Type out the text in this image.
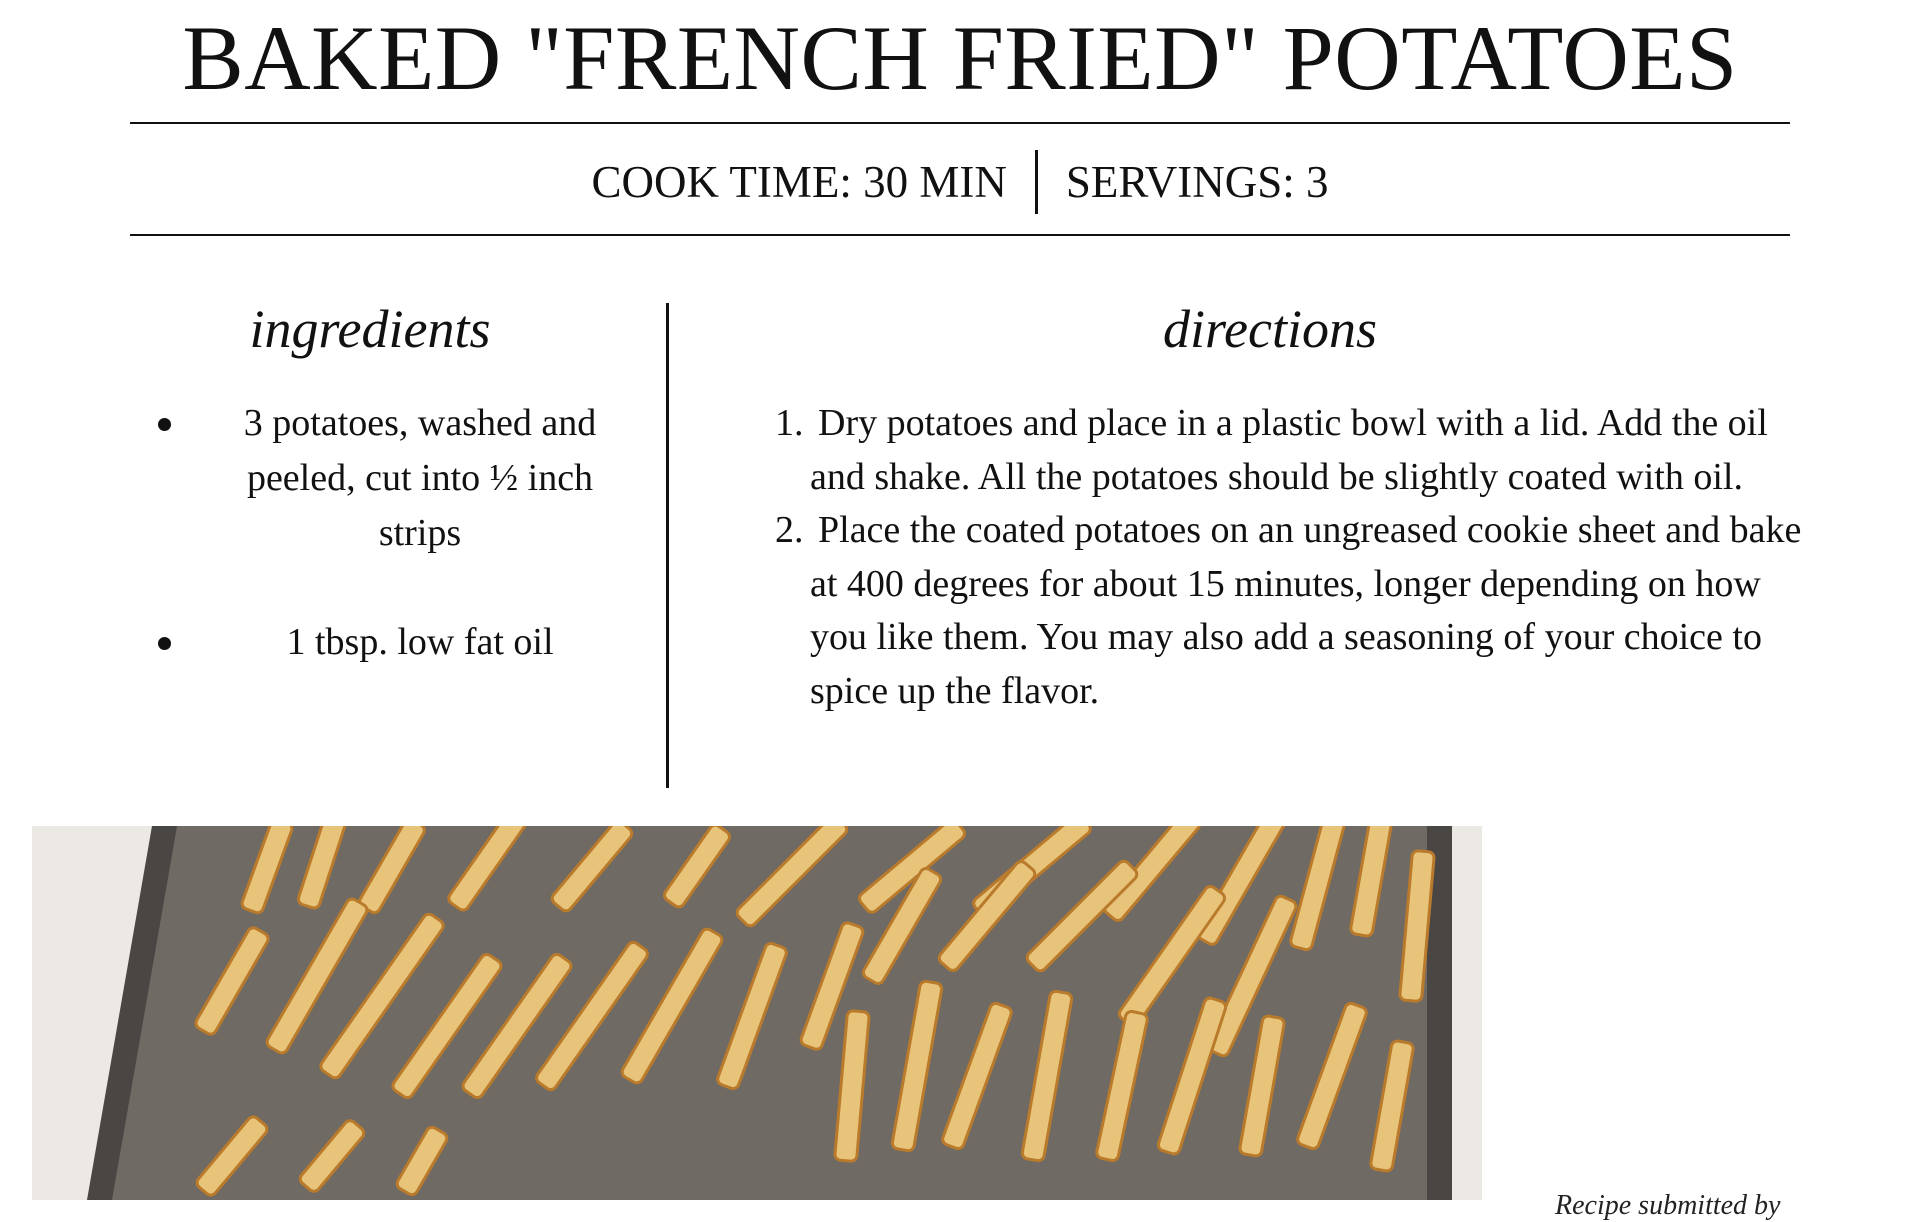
BAKED "FRENCH FRIED" POTATOES
COOK TIME: 30 MIN	SERVINGS: 3
ingredients	directions
3 potatoes, washed and peeled, cut into ½ inch strips
1 tbsp. low fat oil
1. Dry potatoes and place in a plastic bowl with a lid. Add the oil and shake. All the potatoes should be slightly coated with oil.
2. Place the coated potatoes on an ungreased cookie sheet and bake at 400 degrees for about 15 minutes, longer depending on how you like them. You may also add a seasoning of your choice to spice up the flavor.
Recipe submitted by
